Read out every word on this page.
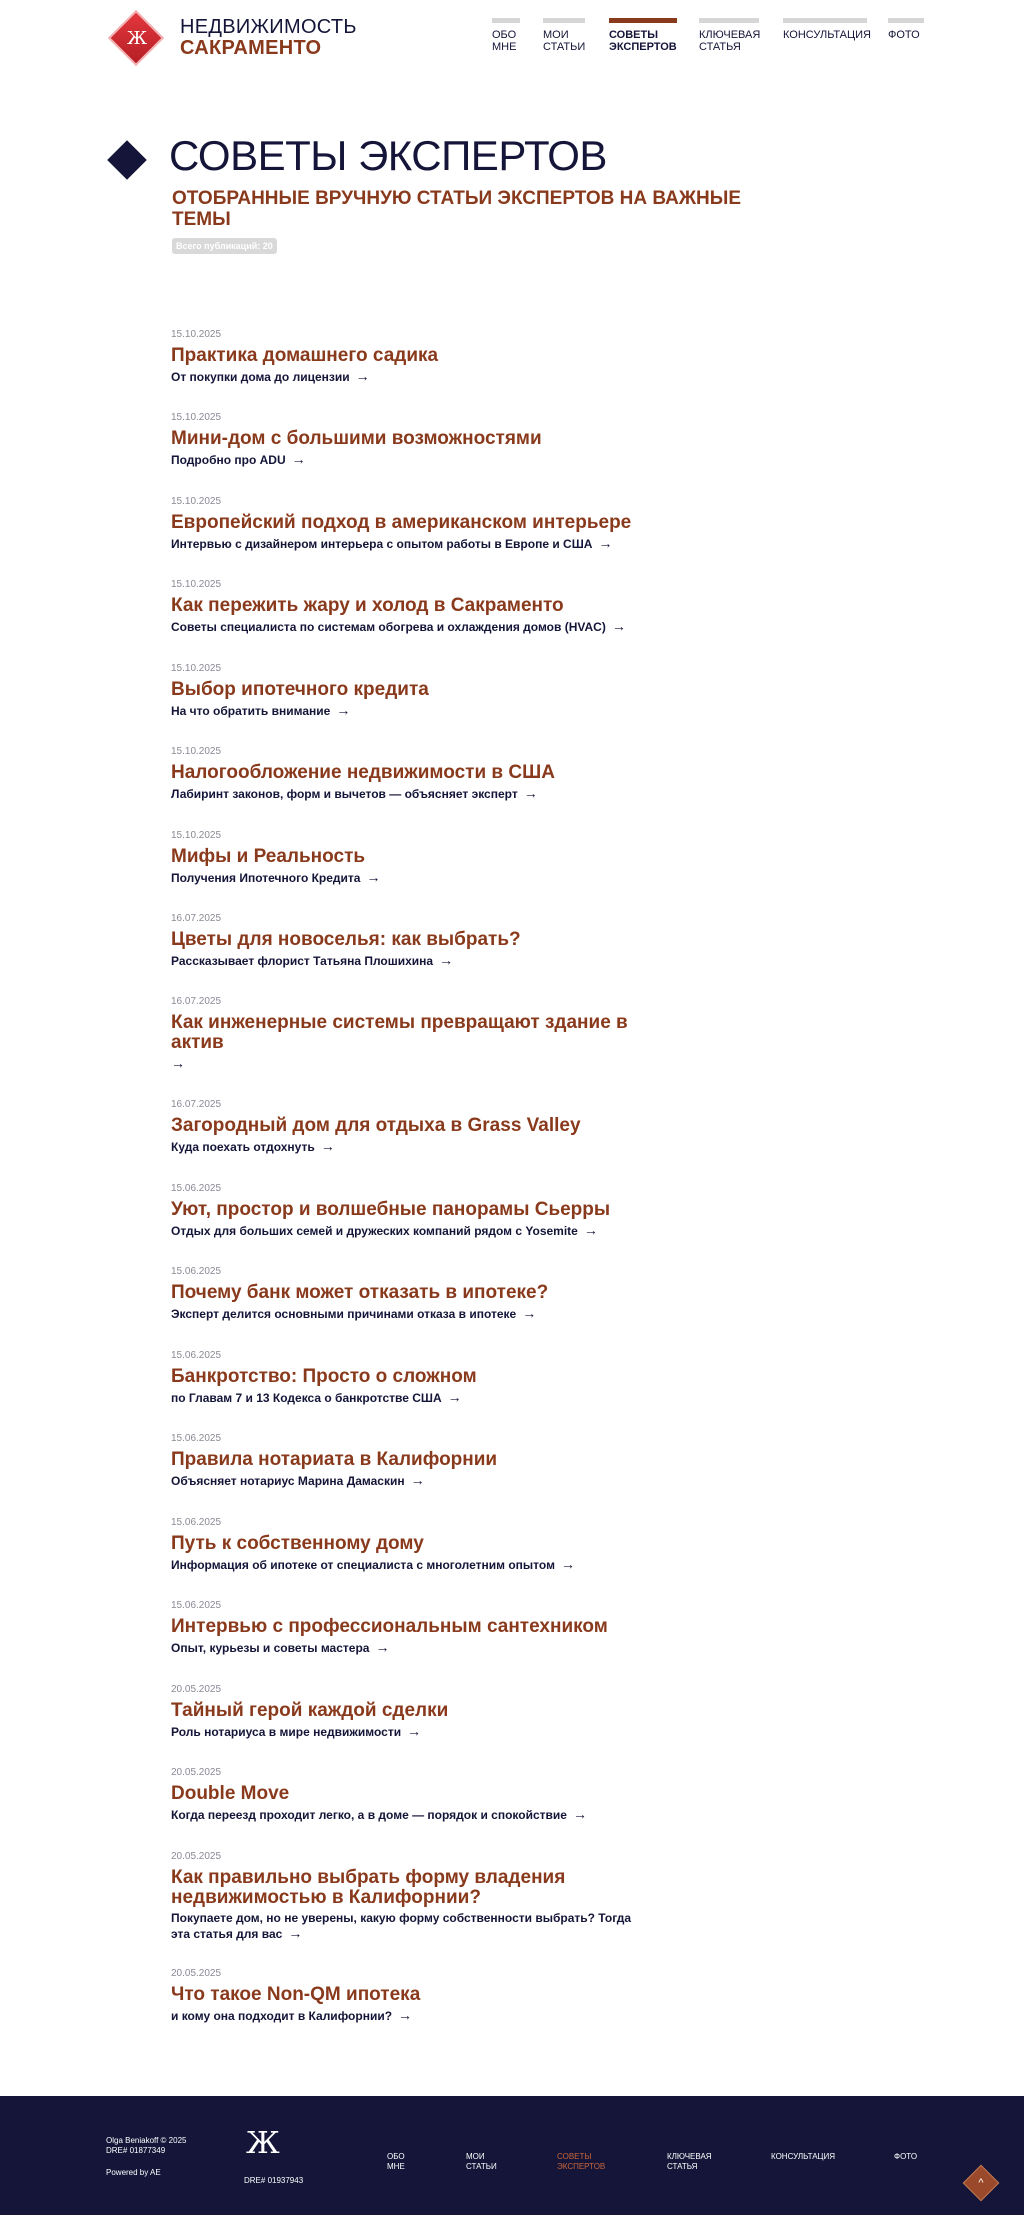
Ж	НЕДВИЖИМОСТЬ
САКРАМЕНТО
ОБО
МНЕ
МОИ
СТАТЬИ
СОВЕТЫ
ЭКСПЕРТОВ
КЛЮЧЕВАЯ
СТАТЬЯ
КОНСУЛЬТАЦИЯ ФОТО
СОВЕТЫ ЭКСПЕРТОВ
ОТОБРАННЫЕ ВРУЧНУЮ СТАТЬИ ЭКСПЕРТОВ НА ВАЖНЫЕ ТЕМЫ
Всего публикаций: 20
15.10.2025
Практика домашнего садика
От покупки дома до лицензии →
15.10.2025
Мини-дом с большими возможностями
Подробно про ADU →
15.10.2025
Европейский подход в американском интерьере
Интервью с дизайнером интерьера с опытом работы в Европе и США →
15.10.2025
Как пережить жару и холод в Сакраменто
Советы специалиста по системам обогрева и охлаждения домов (HVAC) →
15.10.2025
Выбор ипотечного кредита
На что обратить внимание →
15.10.2025
Налогообложение недвижимости в США
Лабиринт законов, форм и вычетов — объясняет эксперт →
15.10.2025
Мифы и Реальность
Получения Ипотечного Кредита →
16.07.2025
Цветы для новоселья: как выбрать?
Рассказывает флорист Татьяна Плошихина →
16.07.2025
Как инженерные системы превращают здание в актив
→
16.07.2025
Загородный дом для отдыха в Grass Valley
Куда поехать отдохнуть →
15.06.2025
Уют, простор и волшебные панорамы Сьерры
Отдых для больших семей и дружеских компаний рядом с Yosemite →
15.06.2025
Почему банк может отказать в ипотеке?
Эксперт делится основными причинами отказа в ипотеке →
15.06.2025
Банкротство: Просто о сложном
по Главам 7 и 13 Кодекса о банкротстве США →
15.06.2025
Правила нотариата в Калифорнии
Объясняет нотариус Марина Дамаскин →
15.06.2025
Путь к собственному дому
Информация об ипотеке от специалиста с многолетним опытом →
15.06.2025
Интервью с профессиональным сантехником
Опыт, курьезы и советы мастера →
20.05.2025
Тайный герой каждой сделки
Роль нотариуса в мире недвижимости →
20.05.2025
Double Move
Когда переезд проходит легко, а в доме — порядок и спокойствие →
20.05.2025
Как правильно выбрать форму владения недвижимостью в Калифорнии?
Покупаете дом, но не уверены, какую форму собственности выбрать? Тогда эта статья для вас →
20.05.2025
Что такое Non-QM ипотека
и кому она подходит в Калифорнии? →
Olga Beniakoff © 2025
DRE# 01877349
Powered by AE
Ж
DRE# 01937943
ОБО
МНЕ
МОИ
СТАТЬИ
СОВЕТЫ
ЭКСПЕРТОВ
КЛЮЧЕВАЯ
СТАТЬЯ
КОНСУЛЬТАЦИЯ	ФОТО
^
